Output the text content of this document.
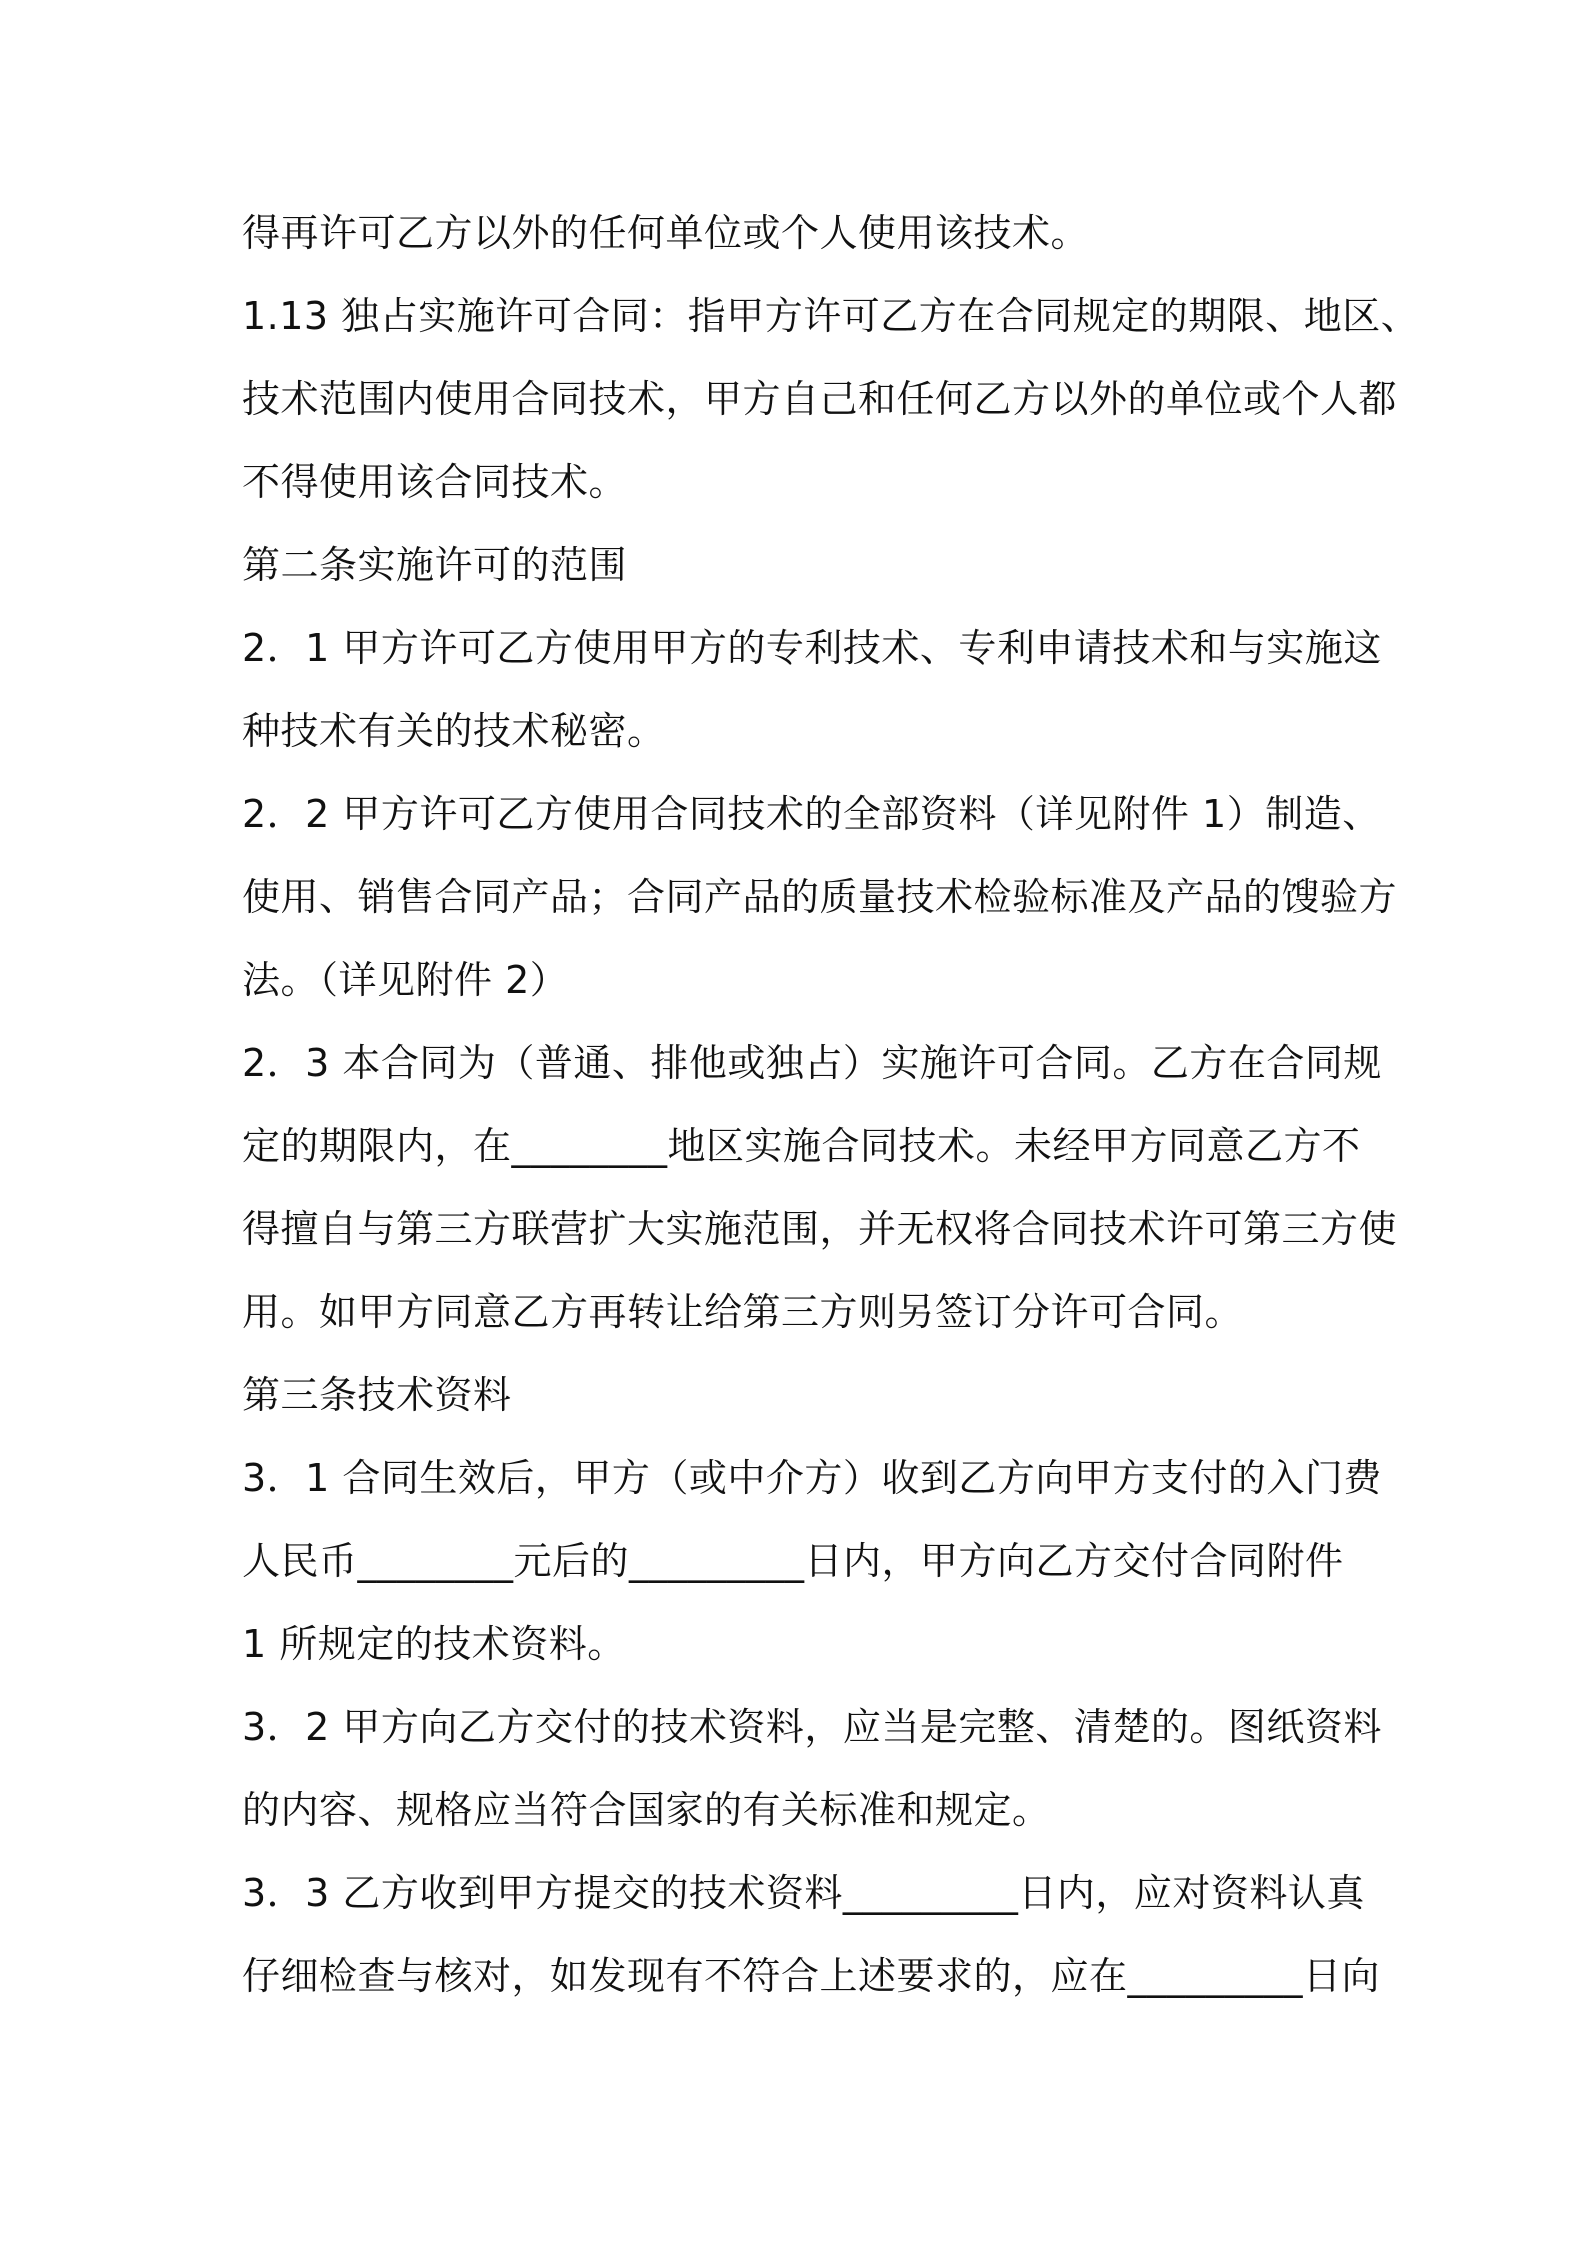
得再许可乙方以外的任何单位或个人使用该技术。
1.13 独占实施许可合同：指甲方许可乙方在合同规定的期限、地区、
技术范围内使用合同技术，甲方自己和任何乙方以外的单位或个人都
不得使用该合同技术。
第二条实施许可的范围
2．1 甲方许可乙方使用甲方的专利技术、专利申请技术和与实施这
种技术有关的技术秘密。
2．2 甲方许可乙方使用合同技术的全部资料（详见附件 1）制造、
使用、销售合同产品；合同产品的质量技术检验标准及产品的馊验方
法。（详见附件 2）
2．3 本合同为（普通、排他或独占）实施许可合同。乙方在合同规
定的期限内，在________地区实施合同技术。未经甲方同意乙方不
得擅自与第三方联营扩大实施范围，并无权将合同技术许可第三方使
用。如甲方同意乙方再转让给第三方则另签订分许可合同。
第三条技术资料
3．1 合同生效后，甲方（或中介方）收到乙方向甲方支付的入门费
人民币________元后的_________日内，甲方向乙方交付合同附件
1 所规定的技术资料。
3．2 甲方向乙方交付的技术资料，应当是完整、清楚的。图纸资料
的内容、规格应当符合国家的有关标准和规定。
3．3 乙方收到甲方提交的技术资料_________日内，应对资料认真
仔细检查与核对，如发现有不符合上述要求的，应在_________日向
